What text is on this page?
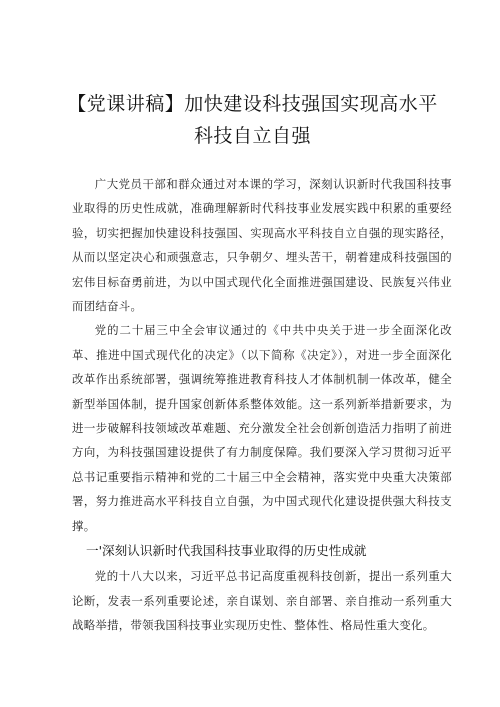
【党课讲稿】加快建设科技强国实现高水平科技自立自强

广大党员干部和群众通过对本课的学习，深刻认识新时代我国科技事业取得的历史性成就，准确理解新时代科技事业发展实践中积累的重要经验，切实把握加快建设科技强国、实现高水平科技自立自强的现实路径，从而以坚定决心和顽强意志，只争朝夕、埋头苦干，朝着建成科技强国的宏伟目标奋勇前进，为以中国式现代化全面推进强国建设、民族复兴伟业而团结奋斗。

党的二十届三中全会审议通过的《中共中央关于进一步全面深化改革、推进中国式现代化的决定》（以下简称《决定》），对进一步全面深化改革作出系统部署，强调统筹推进教育科技人才体制机制一体改革，健全新型举国体制，提升国家创新体系整体效能。这一系列新举措新要求，为进一步破解科技领域改革难题、充分激发全社会创新创造活力指明了前进方向，为科技强国建设提供了有力制度保障。我们要深入学习贯彻习近平总书记重要指示精神和党的二十届三中全会精神，落实党中央重大决策部署，努力推进高水平科技自立自强，为中国式现代化建设提供强大科技支撑。

一'深刻认识新时代我国科技事业取得的历史性成就

党的十八大以来，习近平总书记高度重视科技创新，提出一系列重大论断，发表一系列重要论述，亲自谋划、亲自部署、亲自推动一系列重大战略举措，带领我国科技事业实现历史性、整体性、格局性重大变化。
